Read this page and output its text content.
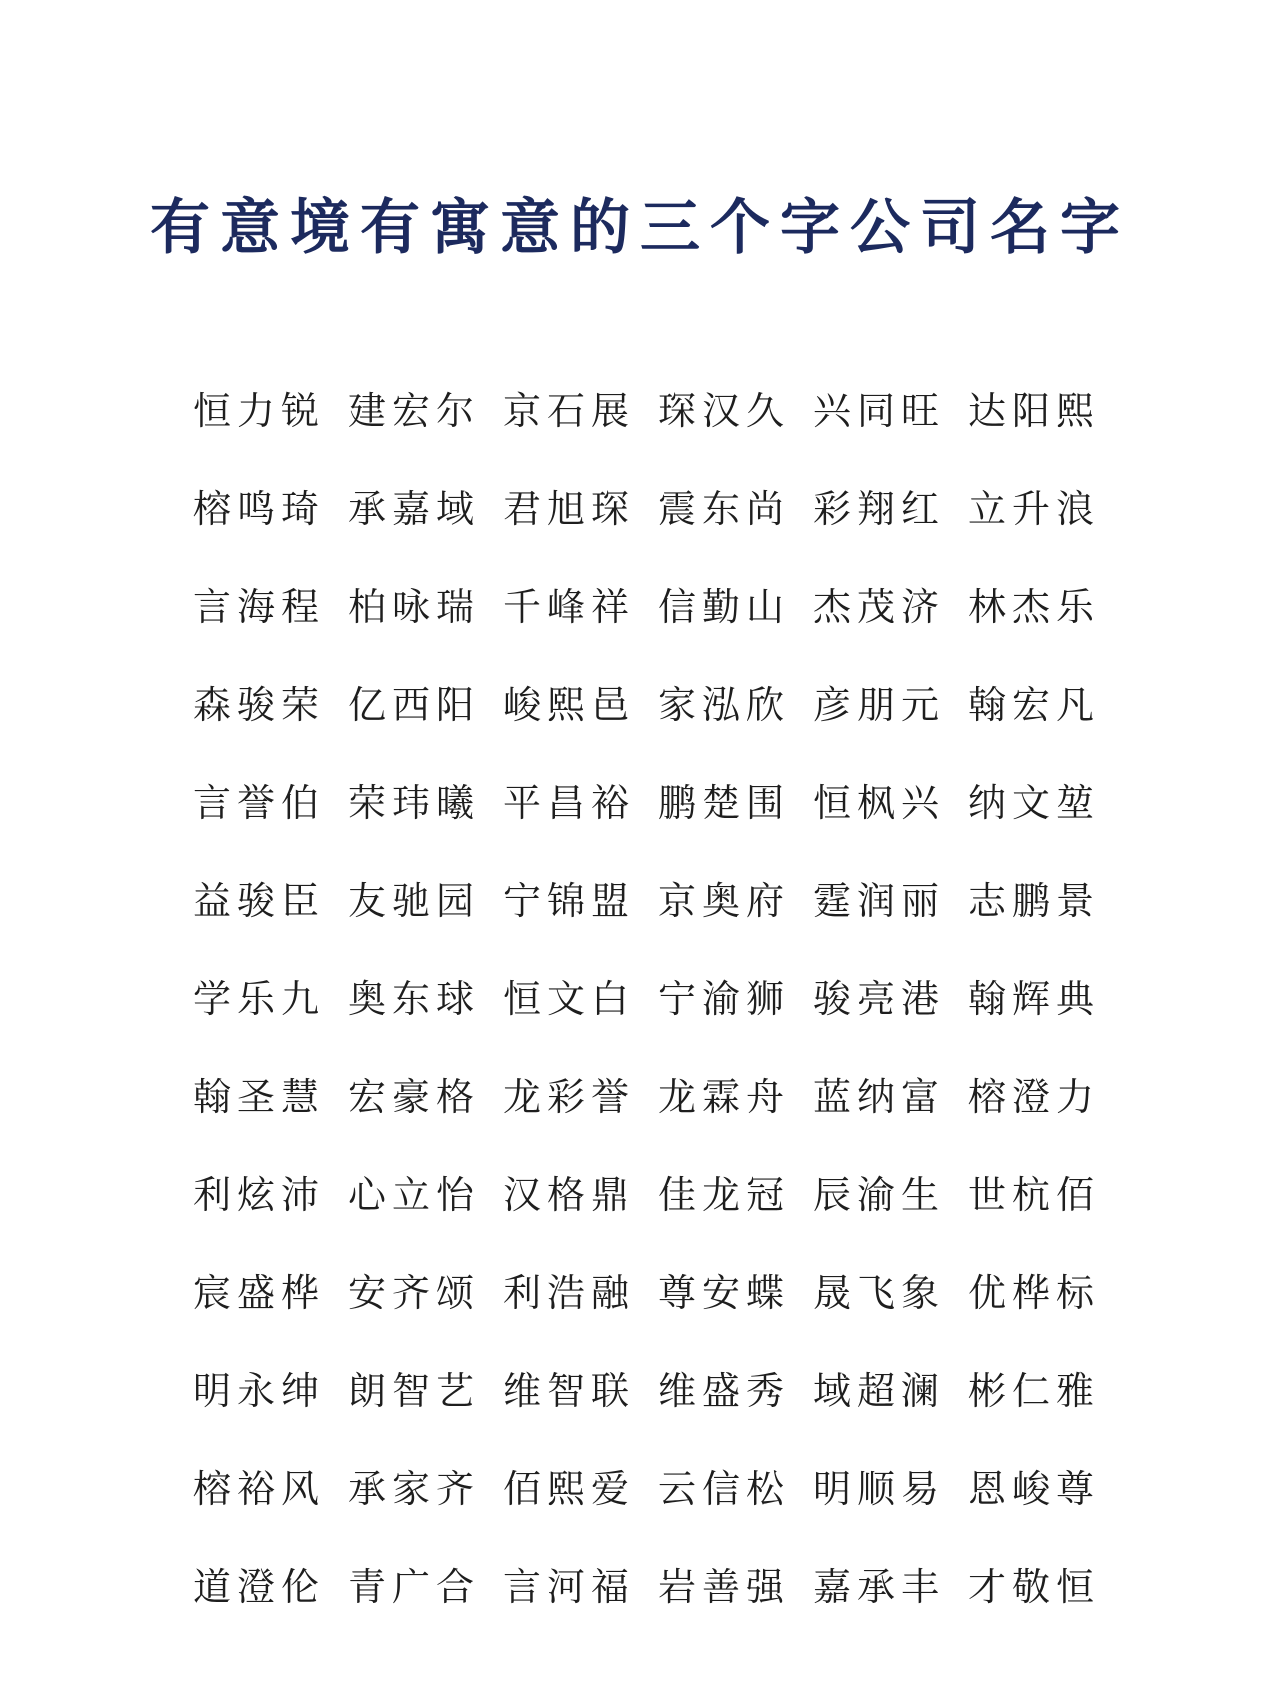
有意境有寓意的三个字公司名字
恒力锐 建宏尔 京石展 琛汉久 兴同旺 达阳熙
榕鸣琦 承嘉域 君旭琛 震东尚 彩翔红 立升浪
言海程 柏咏瑞 千峰祥 信勤山 杰茂济 林杰乐
森骏荣 亿西阳 峻熙邑 家泓欣 彦朋元 翰宏凡
言誉伯 荣玮曦 平昌裕 鹏楚围 恒枫兴 纳文堃
益骏臣 友驰园 宁锦盟 京奥府 霆润丽 志鹏景
学乐九 奥东球 恒文白 宁渝狮 骏亮港 翰辉典
翰圣慧 宏豪格 龙彩誉 龙霖舟 蓝纳富 榕澄力
利炫沛 心立怡 汉格鼎 佳龙冠 辰渝生 世杭佰
宸盛桦 安齐颂 利浩融 尊安蝶 晟飞象 优桦标
明永绅 朗智艺 维智联 维盛秀 域超澜 彬仁雅
榕裕风 承家齐 佰熙爱 云信松 明顺易 恩峻尊
道澄伦 青广合 言河福 岩善强 嘉承丰 才敬恒
